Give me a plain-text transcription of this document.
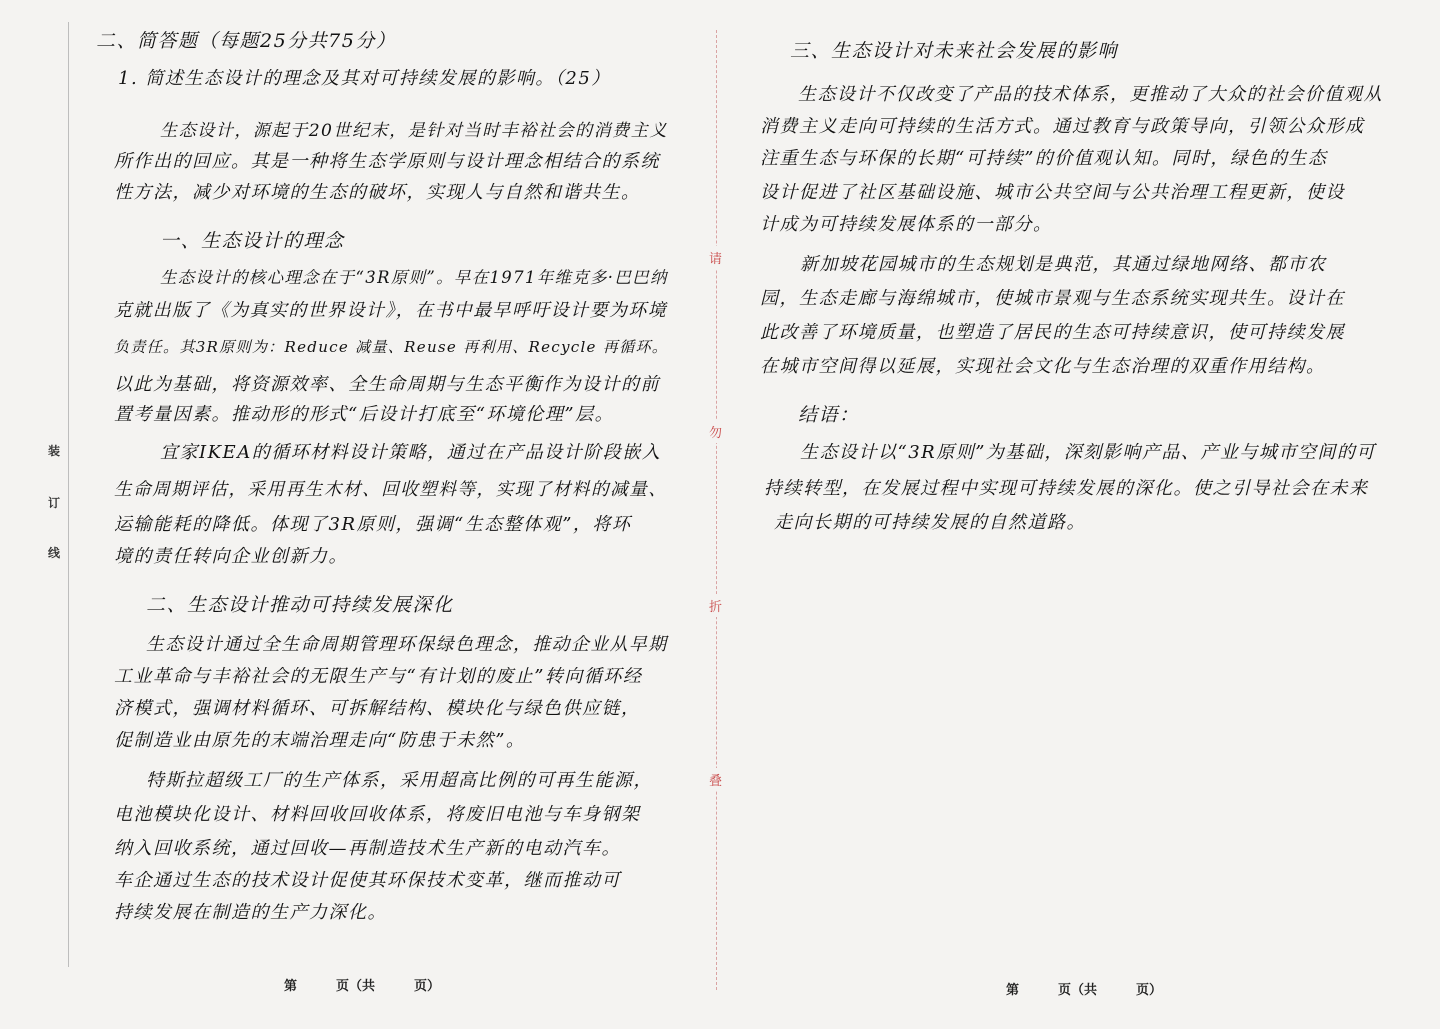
装
订
线
二、简答题（每题25分共75分）
1. 简述生态设计的理念及其对可持续发展的影响。（25）
生态设计，源起于20世纪末，是针对当时丰裕社会的消费主义
所作出的回应。其是一种将生态学原则与设计理念相结合的系统
性方法，减少对环境的生态的破坏，实现人与自然和谐共生。
一、生态设计的理念
生态设计的核心理念在于“3R原则”。早在1971年维克多·巴巴纳
克就出版了《为真实的世界设计》，在书中最早呼吁设计要为环境
负责任。其3R原则为：Reduce 减量、Reuse 再利用、Recycle 再循环。
以此为基础，将资源效率、全生命周期与生态平衡作为设计的前
置考量因素。推动形的形式“后设计打底至“环境伦理”层。
宜家IKEA的循环材料设计策略，通过在产品设计阶段嵌入
生命周期评估，采用再生木材、回收塑料等，实现了材料的减量、
运输能耗的降低。体现了3R原则，强调“生态整体观”，将环
境的责任转向企业创新力。
二、生态设计推动可持续发展深化
生态设计通过全生命周期管理环保绿色理念，推动企业从早期
工业革命与丰裕社会的无限生产与“有计划的废止”转向循环经
济模式，强调材料循环、可拆解结构、模块化与绿色供应链，
促制造业由原先的末端治理走向“防患于未然”。
特斯拉超级工厂的生产体系，采用超高比例的可再生能源，
电池模块化设计、材料回收回收体系，将废旧电池与车身钢架
纳入回收系统，通过回收—再制造技术生产新的电动汽车。
车企通过生态的技术设计促使其环保技术变革，继而推动可
持续发展在制造的生产力深化。
第　　　页（共　　　页）
请
勿
折
叠
三、生态设计对未来社会发展的影响
生态设计不仅改变了产品的技术体系，更推动了大众的社会价值观从
消费主义走向可持续的生活方式。通过教育与政策导向，引领公众形成
注重生态与环保的长期“可持续”的价值观认知。同时，绿色的生态
设计促进了社区基础设施、城市公共空间与公共治理工程更新，使设
计成为可持续发展体系的一部分。
新加坡花园城市的生态规划是典范，其通过绿地网络、都市农
园，生态走廊与海绵城市，使城市景观与生态系统实现共生。设计在
此改善了环境质量，也塑造了居民的生态可持续意识，使可持续发展
在城市空间得以延展，实现社会文化与生态治理的双重作用结构。
结语：
生态设计以“3R原则”为基础，深刻影响产品、产业与城市空间的可
持续转型，在发展过程中实现可持续发展的深化。使之引导社会在未来
走向长期的可持续发展的自然道路。
第　　　页（共　　　页）
